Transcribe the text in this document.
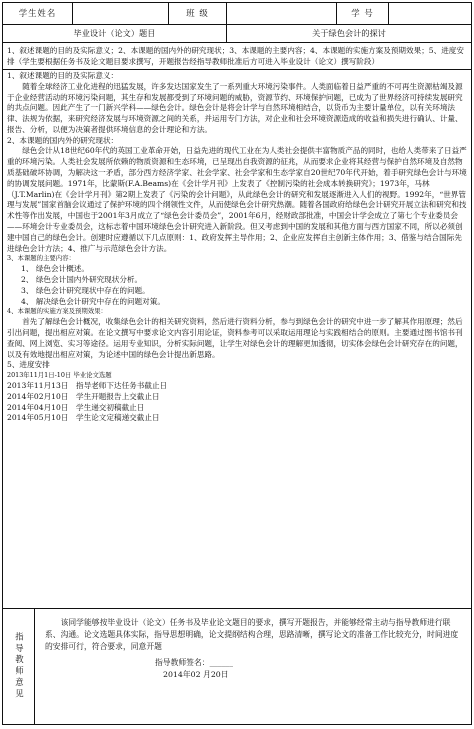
学生姓名	班 级	学 号
毕业设计（论文）题目	关于绿色会计的探讨
1、叙述课题的目的及实际意义；2、本课题的国内外的研究现状；3、本课题的主要内容；4、本课题的实施方案及预期效果；5、进度安排（学生要根据任务书及论文题目要求撰写，开题报告经指导教师批准后方可进入毕业设计（论文）撰写阶段）

1、叙述课题的目的及实际意义：

随着全球经济工业化进程的迅猛发展，许多发达国家发生了一系列重大环境污染事件。人类面临着日益严重的不可再生资源枯竭及源于企业经营活动的环境污染问题，其生存和发展都受到了环境问题的威胁，资源节约、环境保护问题，已成为了世界经济可持续发展研究的共点问题。因此产生了一门新兴学科——绿色会计。绿色会计是将会计学与自然环境相结合，以货币为主要计量单位，以有关环境法律、法规为依据，来研究经济发展与环境资源之间的关系，并运用专门方法，对企业和社会环境资源造成的收益和损失进行确认、计量、报告、分析，以便为决策者提供环境信息的会计理论和方法。

2、本课题的国内外的研究现状：

绿色会计从18世纪60年代的英国工业革命开始，日益先进的现代工业在为人类社会提供丰富物质产品的同时，也给人类带来了日益严重的环境污染。人类社会发展所依赖的物质资源和生态环境，已呈现出自我资源的征兆，从而要求企业将其经营与保护自然环境及自然物质基础破坏协调，为解决这一矛盾，部分西方经济学家、社会学家、社会学家和生态学家自20世纪70年代开始，着手研究绿色会计与环境的协调发展问题。1971年，比蒙斯(F.A.Beams)在《会计学月刊》上发表了《控制污染的社会成本转换研究》；1973年，马林（J.T.Marlin)在《会计学月刊》第2期上发表了《污染的会计问题》，从此绿色会计的研究和发展逐渐进入人们的视野。1992年，“世界管理与发展”国家首脑会议通过了保护环境的四个纲领性文件，从而使绿色会计研究热潮。随着各国政府给绿色会计研究开展立法和研究和技术性等作出发展，中国也于2001年3月成立了“绿色会计委员会”，2001年6月，经财政部批准，中国会计学会成立了第七个专业委员会——环境会计专业委员会，这标志着中国环境绿色会计研究进入新阶段。但又考虑到中国的发展和其他方面与西方国家不同，所以必须创建中国自己的绿色会计。创建时应遵循以下几点原则：1、政府发挥主导作用；2、企业应发挥自主创新主体作用；3、借鉴与结合国际先进绿色会计方法；4、推广与示范绿色会计方法。

3、本课题的主要内容：

1、 绿色会计概述。

2、 绿色会计国内外研究现状分析。

3、 绿色会计研究现状中存在的问题。

4、 解决绿色会计研究中存在的问题对策。

4、本课题的实施方案及预期效果：

首先了解绿色会计概况，收集绿色会计的相关研究资料，然后进行资料分析，参与到绿色会计的研究中进一步了解其作用原理；然后引出问题，提出相应对策。在论文撰写中要求论文内容引用论证，资料参考可以采取运用理论与实践相结合的原则。主要通过图书馆书刊查阅、网上浏览、实习等途径。运用专业知识，分析实际问题，让学生对绿色会计的理解更加透彻，切实体会绿色会计研究存在的问题，以及有效地提出相应对策，为论述中国的绿色会计提出新思路。

5、进度安排

2013年11月1日-10日 毕业论文选题

2013年11月13日　指导老师下达任务书截止日

2014年02月10日　学生开题报告上交截止日

2014年04月10日　学生递交初稿截止日

2014年05月10日　学生论文定稿递交截止日

指导教师意见
该同学能够按毕业设计（论文）任务书及毕业论文题目的要求，撰写开题报告，并能够经常主动与指导教师进行联系、沟通。论文选题具体实际，指导思想明确，论文提纲结构合理，思路清晰，撰写论文的准备工作比较充分，时间进度的安排可行，符合要求，同意开题
指导教师签名：______
2014年02 月20日
